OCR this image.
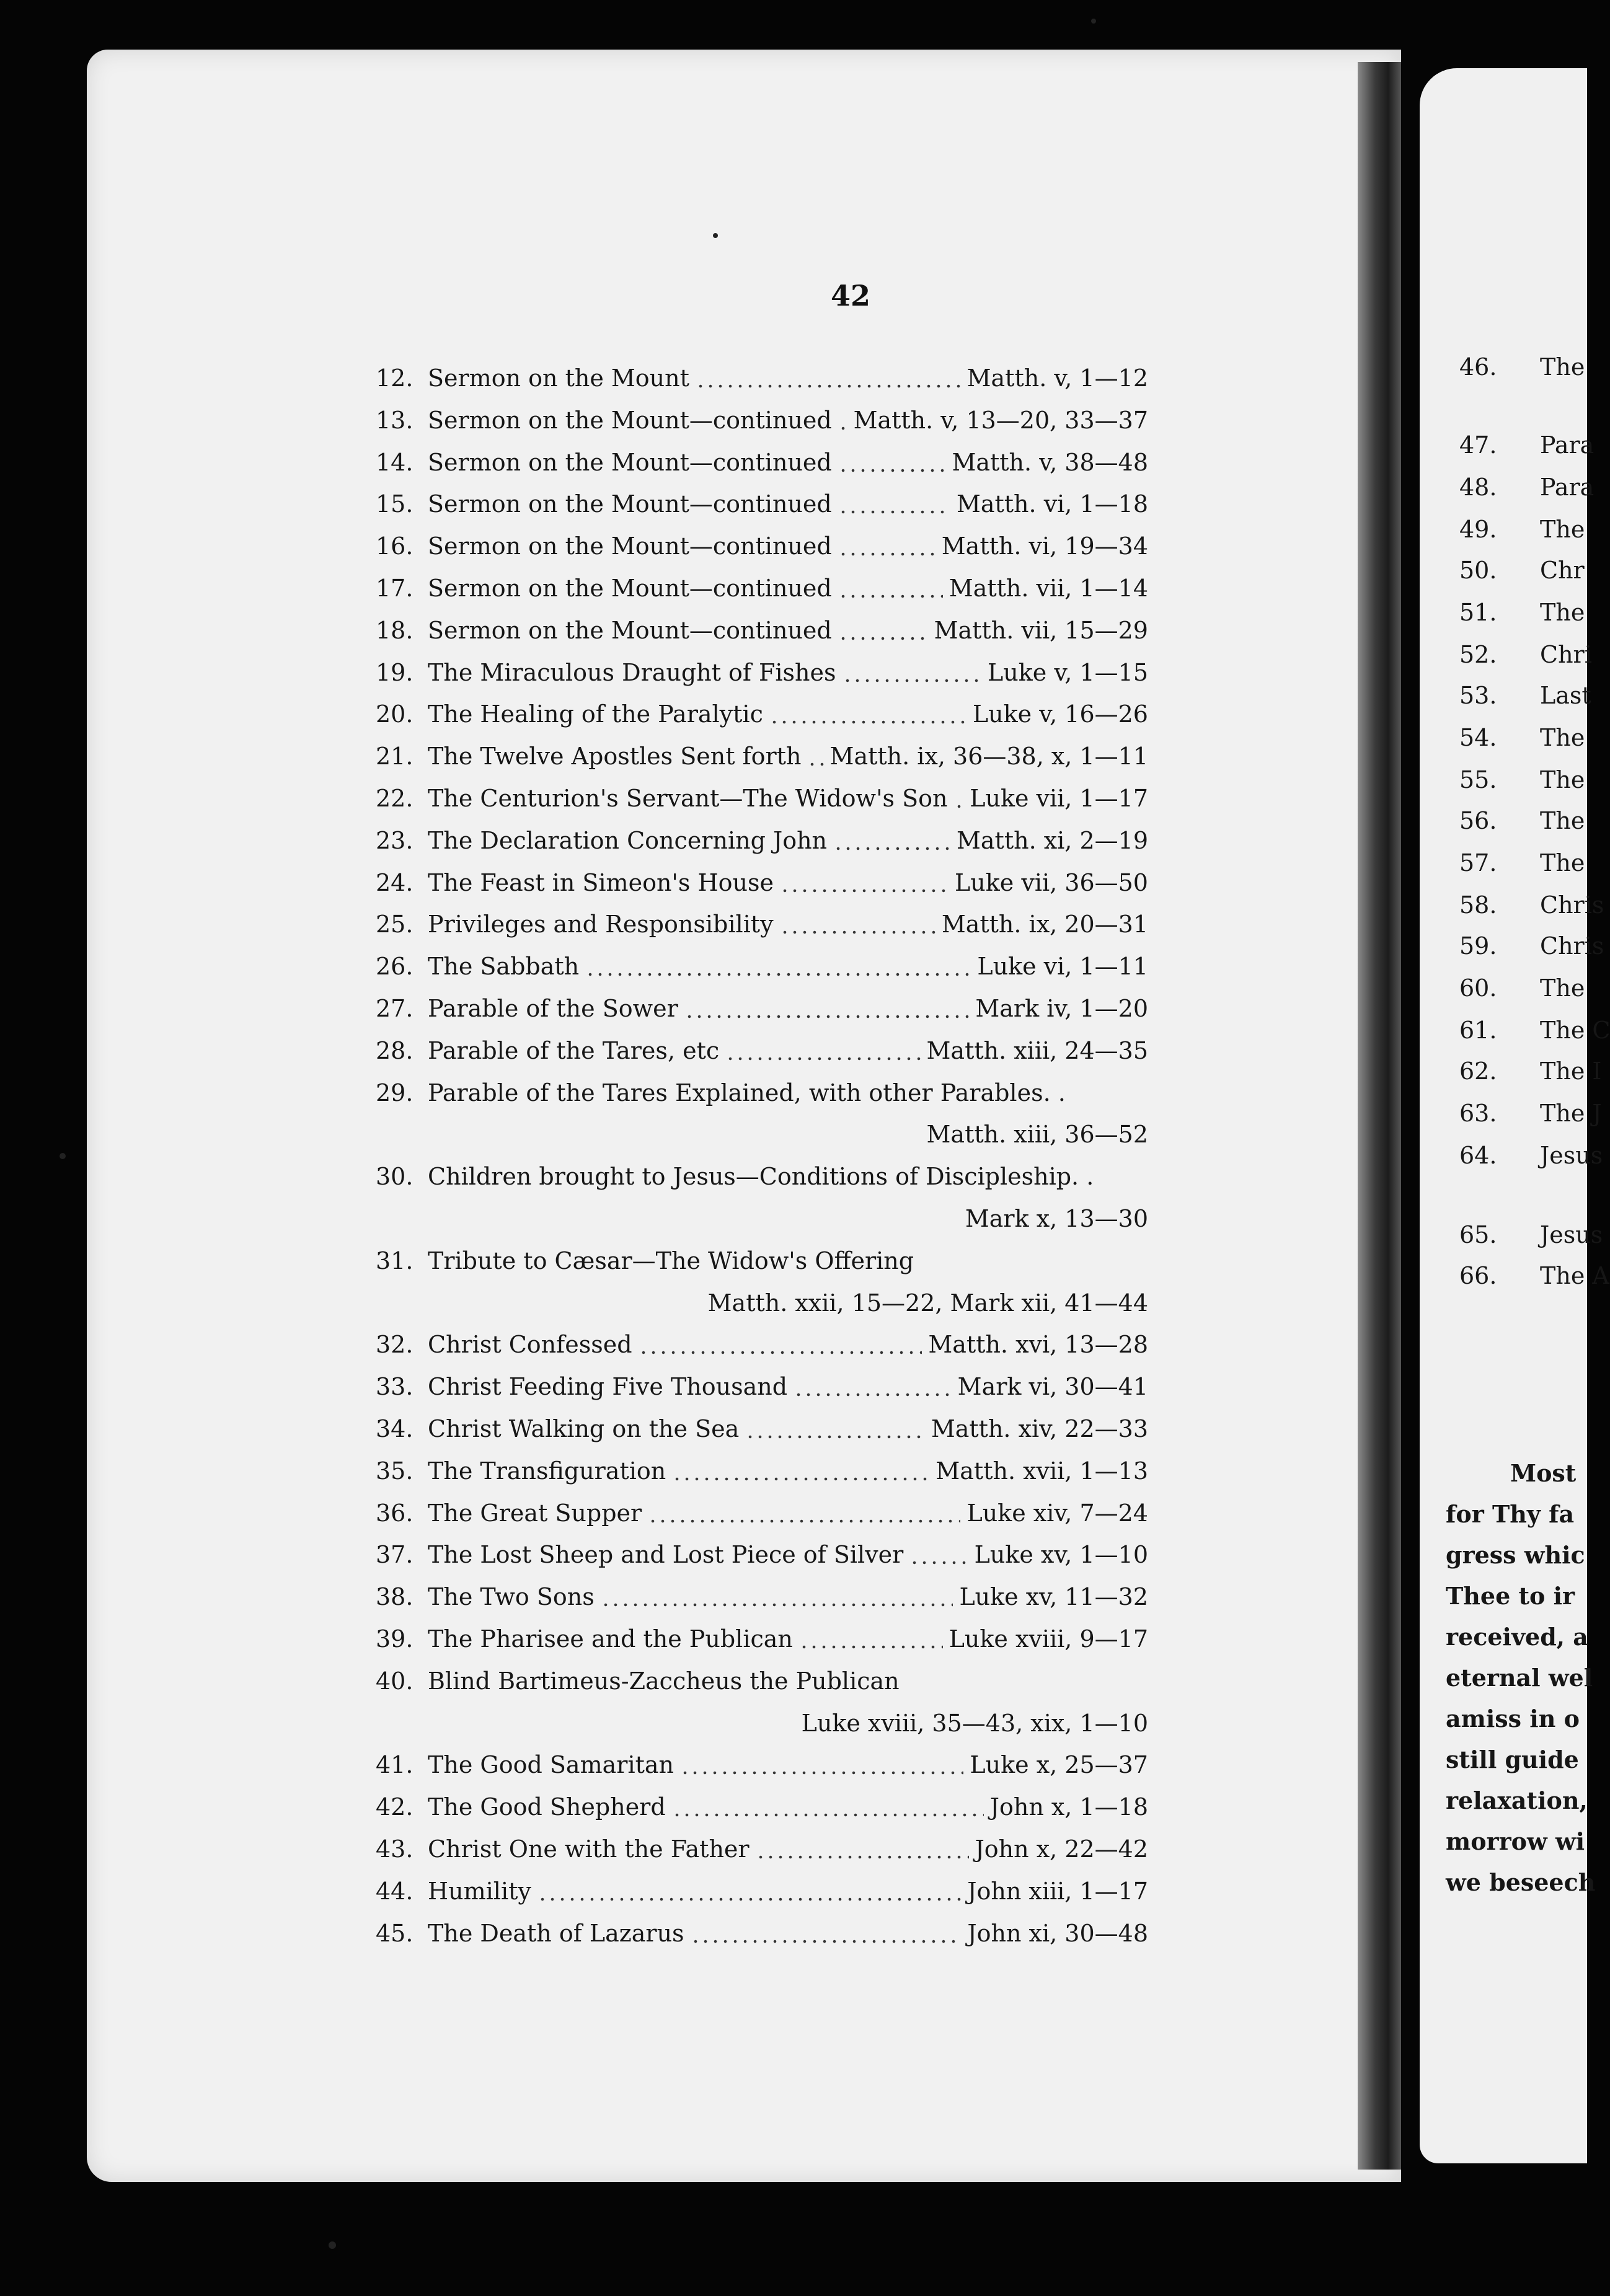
42
12. Sermon on the Mount	Matth. v, 1—12
13. Sermon on the Mount—continued Matth. v, 13—20, 33—37
14. Sermon on the Mount—continued	Matth. v, 38—48
15. Sermon on the Mount—continued	Matth. vi, 1—18
16. Sermon on the Mount—continued	Matth. vi, 19—34
17. Sermon on the Mount—continued	Matth. vii, 1—14
18. Sermon on the Mount—continued	Matth. vii, 15—29
19. The Miraculous Draught of Fishes	Luke v, 1—15
20. The Healing of the Paralytic	Luke v, 16—26
21. The Twelve Apostles Sent forth Matth. ix, 36—38, x, 1—11
22. The Centurion's Servant—The Widow's Son Luke vii, 1—17
23. The Declaration Concerning John	Matth. xi, 2—19
24. The Feast in Simeon's House	Luke vii, 36—50
25. Privileges and Responsibility	Matth. ix, 20—31
26. The Sabbath	Luke vi, 1—11
27. Parable of the Sower	Mark iv, 1—20
28. Parable of the Tares, etc	Matth. xiii, 24—35
29. Parable of the Tares Explained, with other Parables. .
Matth. xiii, 36—52
30. Children brought to Jesus—Conditions of Discipleship. .
Mark x, 13—30
31. Tribute to Cæsar—The Widow's Offering
Matth. xxii, 15—22, Mark xii, 41—44
32. Christ Confessed	Matth. xvi, 13—28
33. Christ Feeding Five Thousand	Mark vi, 30—41
34. Christ Walking on the Sea	Matth. xiv, 22—33
35. The Transfiguration	Matth. xvii, 1—13
36. The Great Supper	Luke xiv, 7—24
37. The Lost Sheep and Lost Piece of Silver	Luke xv, 1—10
38. The Two Sons	Luke xv, 11—32
39. The Pharisee and the Publican	Luke xviii, 9—17
40. Blind Bartimeus-Zacchеus the Publican
Luke xviii, 35—43, xix, 1—10
41. The Good Samaritan	Luke x, 25—37
42. The Good Shepherd	John x, 1—18
43. Christ One with the Father	John x, 22—42
44. Humility	John xiii, 1—17
45. The Death of Lazarus	John xi, 30—48
46. The
47. Para
48. Para
49. The
50. Chr
51. The
52. Chri
53. Last
54. The
55. The
56. The
57. The
58. Chris
59. Chris
60. The
61. The C
62. The I
63. The J
64. Jesus
65. Jesus
66. The A
Most
for Thy fa
gress whic
Thee to ir
received, a
eternal wel
amiss in o
still guide
relaxation,
morrow wi
we beseech
